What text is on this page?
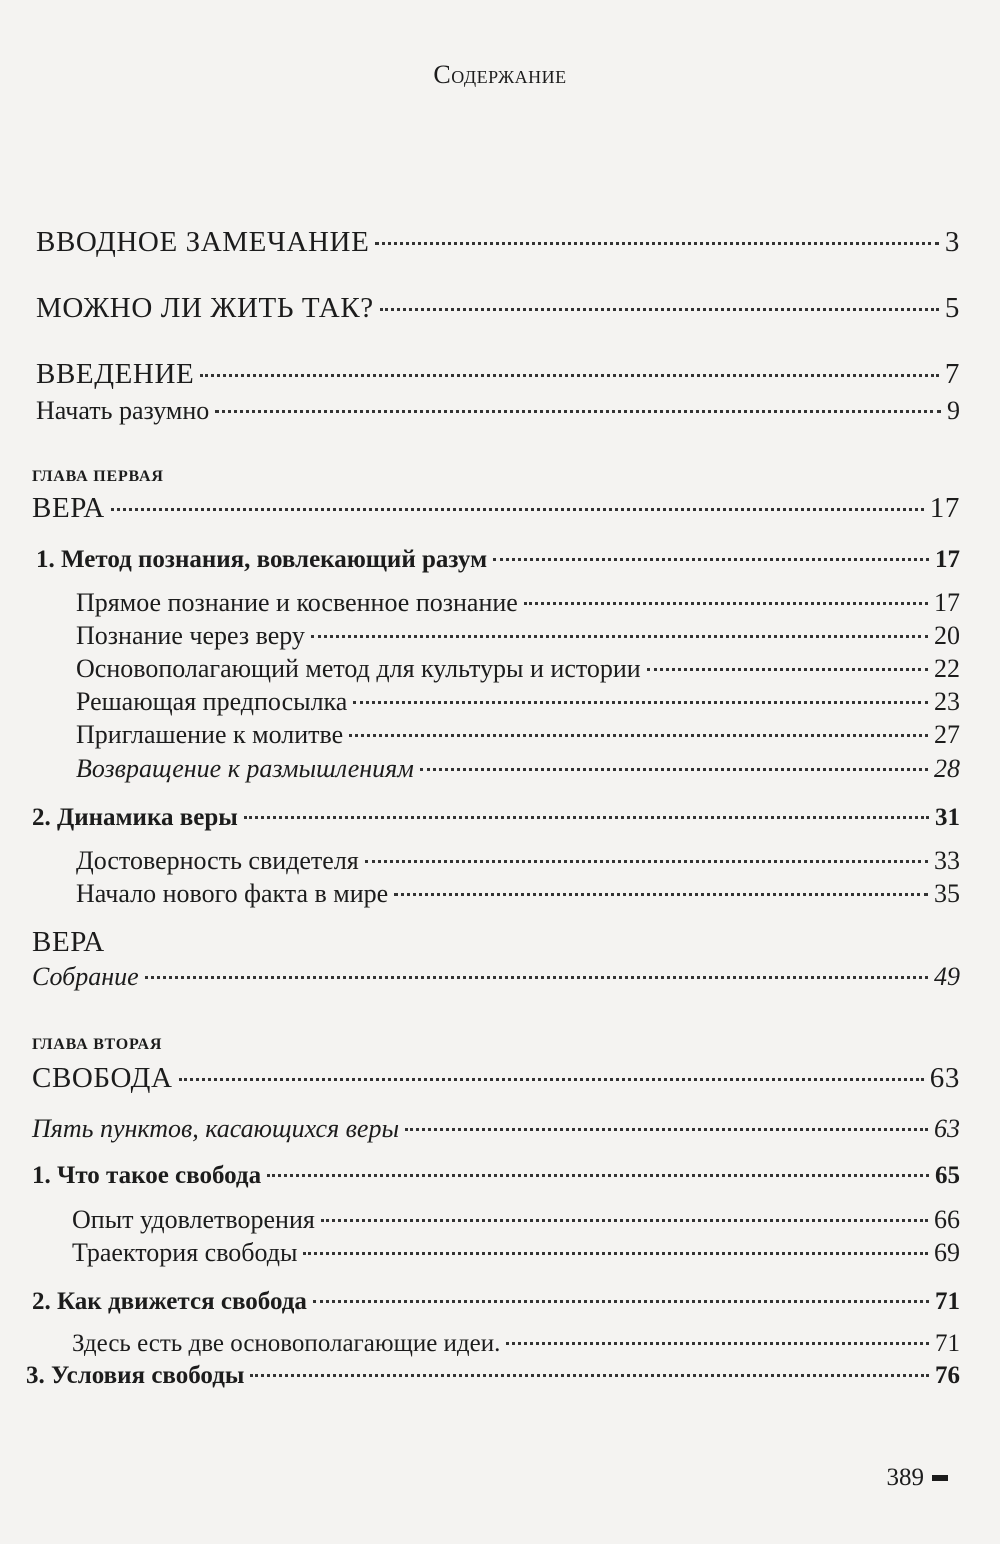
Содержание
ВВОДНОЕ ЗАМЕЧАНИЕ	3
МОЖНО ЛИ ЖИТЬ ТАК?	5
ВВЕДЕНИЕ	7
Начать разумно	9
ГЛАВА ПЕРВАЯ
ВЕРА	17
1. Метод познания, вовлекающий разум	17
Прямое познание и косвенное познание	17
Познание через веру	20
Основополагающий метод для культуры и истории	22
Решающая предпосылка	23
Приглашение к молитве	27
Возвращение к размышлениям	28
2. Динамика веры	31
Достоверность свидетеля	33
Начало нового факта в мире	35
ВЕРА
Собрание	49
ГЛАВА ВТОРАЯ
СВОБОДА	63
Пять пунктов, касающихся веры	63
1. Что такое свобода	65
Опыт удовлетворения	66
Траектория свободы	69
2. Как движется свобода	71
Здесь есть две основополагающие идеи.	71
3. Условия свободы	76
389
